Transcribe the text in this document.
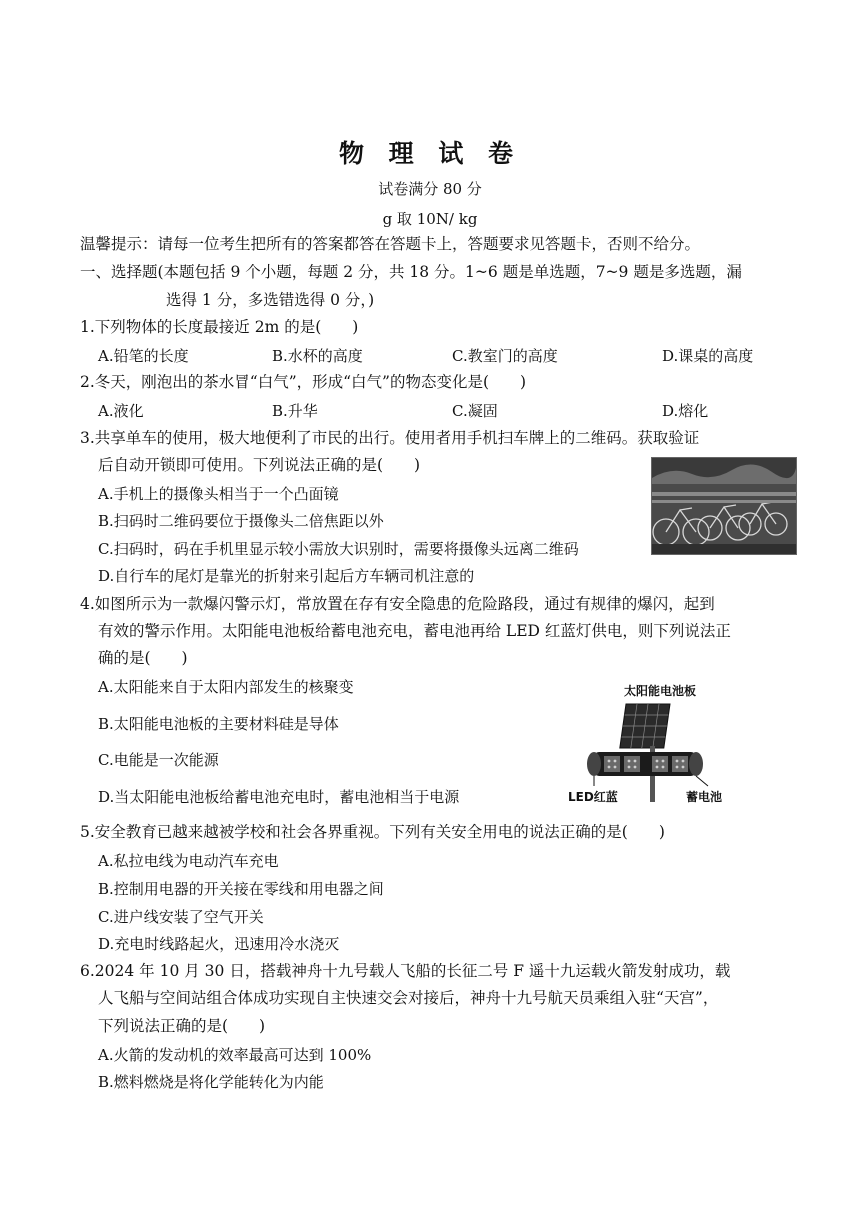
物 理 试 卷
试卷满分 80 分
g 取 10N/ kg
温馨提示：请每一位考生把所有的答案都答在答题卡上，答题要求见答题卡，否则不给分。
一、选择题(本题包括 9 个小题，每题 2 分，共 18 分。1~6 题是单选题，7~9 题是多选题，漏
选得 1 分，多选错选得 0 分，)
1.下列物体的长度最接近 2m 的是(　　)
A.铅笔的长度	B.水杯的高度	C.教室门的高度	D.课桌的高度
2.冬天，刚泡出的茶水冒“白气”，形成“白气”的物态变化是(　　)
A.液化	B.升华	C.凝固	D.熔化
3.共享单车的使用，极大地便利了市民的出行。使用者用手机扫车牌上的二维码。获取验证
后自动开锁即可使用。下列说法正确的是(　　)
A.手机上的摄像头相当于一个凸面镜
B.扫码时二维码要位于摄像头二倍焦距以外
C.扫码时，码在手机里显示较小需放大识别时，需要将摄像头远离二维码
D.自行车的尾灯是靠光的折射来引起后方车辆司机注意的
4.如图所示为一款爆闪警示灯，常放置在存有安全隐患的危险路段，通过有规律的爆闪，起到
有效的警示作用。太阳能电池板给蓄电池充电，蓄电池再给 LED 红蓝灯供电，则下列说法正
确的是(　　)
A.太阳能来自于太阳内部发生的核聚变
B.太阳能电池板的主要材料硅是导体
C.电能是一次能源
D.当太阳能电池板给蓄电池充电时，蓄电池相当于电源
太阳能电池板
LED红蓝	蓄电池
5.安全教育已越来越被学校和社会各界重视。下列有关安全用电的说法正确的是(　　)
A.私拉电线为电动汽车充电
B.控制用电器的开关接在零线和用电器之间
C.进户线安装了空气开关
D.充电时线路起火，迅速用冷水浇灭
6.2024 年 10 月 30 日，搭载神舟十九号载人飞船的长征二号 F 遥十九运载火箭发射成功，载
人飞船与空间站组合体成功实现自主快速交会对接后，神舟十九号航天员乘组入驻“天宫”，
下列说法正确的是(　　)
A.火箭的发动机的效率最高可达到 100%
B.燃料燃烧是将化学能转化为内能
